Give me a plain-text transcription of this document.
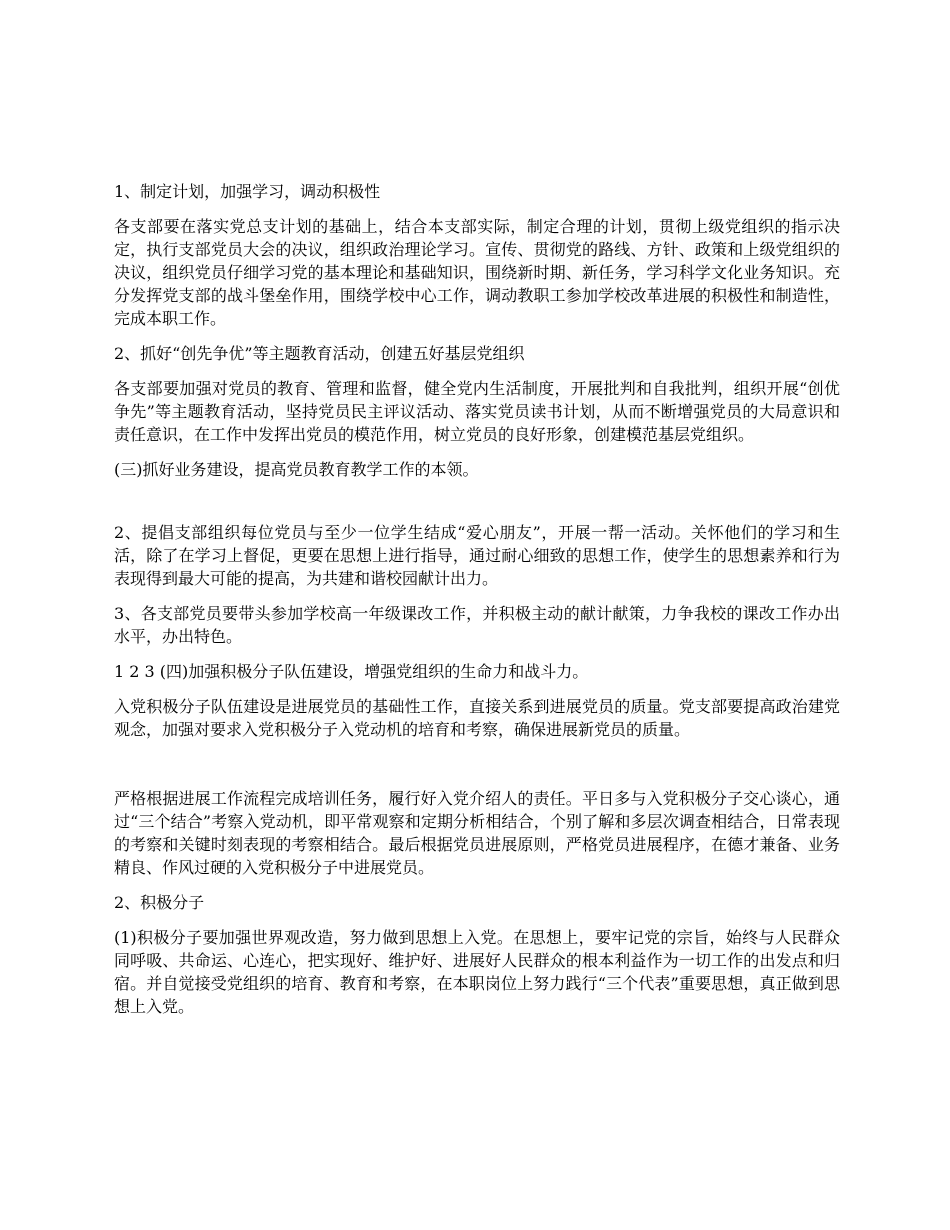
1、制定计划，加强学习，调动积极性

各支部要在落实党总支计划的基础上，结合本支部实际，制定合理的计划，贯彻上级党组织的指示决定，执行支部党员大会的决议，组织政治理论学习。宣传、贯彻党的路线、方针、政策和上级党组织的决议，组织党员仔细学习党的基本理论和基础知识，围绕新时期、新任务，学习科学文化业务知识。充分发挥党支部的战斗堡垒作用，围绕学校中心工作，调动教职工参加学校改革进展的积极性和制造性，完成本职工作。

2、抓好“创先争优”等主题教育活动，创建五好基层党组织

各支部要加强对党员的教育、管理和监督，健全党内生活制度，开展批判和自我批判，组织开展“创优争先”等主题教育活动，坚持党员民主评议活动、落实党员读书计划，从而不断增强党员的大局意识和责任意识，在工作中发挥出党员的模范作用，树立党员的良好形象，创建模范基层党组织。

(三)抓好业务建设，提高党员教育教学工作的本领。

2、提倡支部组织每位党员与至少一位学生结成“爱心朋友”，开展一帮一活动。关怀他们的学习和生活，除了在学习上督促，更要在思想上进行指导，通过耐心细致的思想工作，使学生的思想素养和行为表现得到最大可能的提高，为共建和谐校园献计出力。

3、各支部党员要带头参加学校高一年级课改工作，并积极主动的献计献策，力争我校的课改工作办出水平，办出特色。

1 2 3 (四)加强积极分子队伍建设，增强党组织的生命力和战斗力。

入党积极分子队伍建设是进展党员的基础性工作，直接关系到进展党员的质量。党支部要提高政治建党观念，加强对要求入党积极分子入党动机的培育和考察，确保进展新党员的质量。

严格根据进展工作流程完成培训任务，履行好入党介绍人的责任。平日多与入党积极分子交心谈心，通过“三个结合”考察入党动机，即平常观察和定期分析相结合，个别了解和多层次调查相结合，日常表现的考察和关键时刻表现的考察相结合。最后根据党员进展原则，严格党员进展程序，在德才兼备、业务精良、作风过硬的入党积极分子中进展党员。

2、积极分子

(1)积极分子要加强世界观改造，努力做到思想上入党。在思想上，要牢记党的宗旨，始终与人民群众同呼吸、共命运、心连心，把实现好、维护好、进展好人民群众的根本利益作为一切工作的出发点和归宿。并自觉接受党组织的培育、教育和考察，在本职岗位上努力践行“三个代表”重要思想，真正做到思想上入党。
